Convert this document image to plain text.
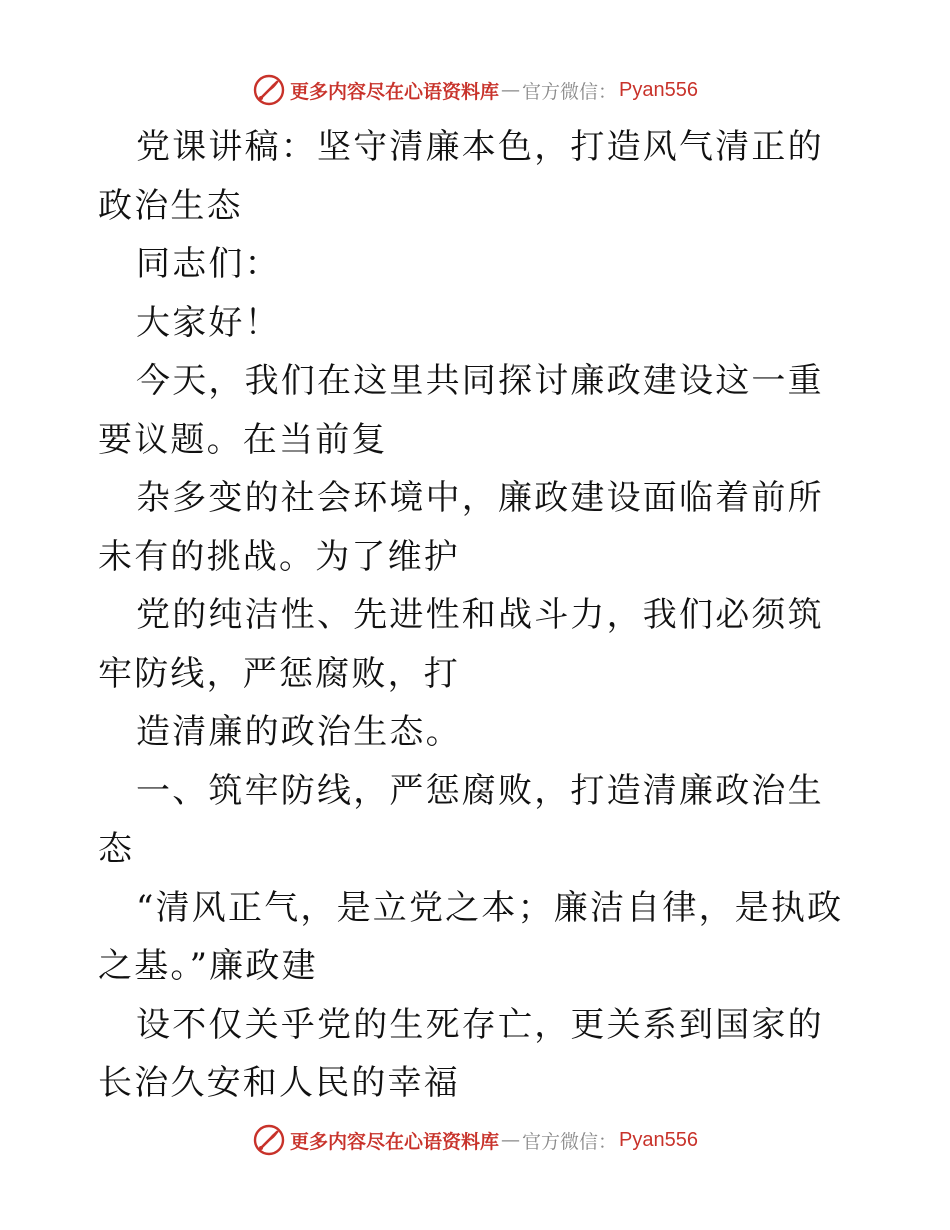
更多内容尽在心语资料库 — 官方微信： Pyan556

党课讲稿：坚守清廉本色，打造风气清正的政治生态

同志们：

大家好！

今天，我们在这里共同探讨廉政建设这一重要议题。在当前复

杂多变的社会环境中，廉政建设面临着前所未有的挑战。为了维护

党的纯洁性、先进性和战斗力，我们必须筑牢防线，严惩腐败，打

造清廉的政治生态。

一、筑牢防线，严惩腐败，打造清廉政治生态

“清风正气，是立党之本；廉洁自律，是执政之基。”廉政建

设不仅关乎党的生死存亡，更关系到国家的长治久安和人民的幸福

更多内容尽在心语资料库 — 官方微信： Pyan556
